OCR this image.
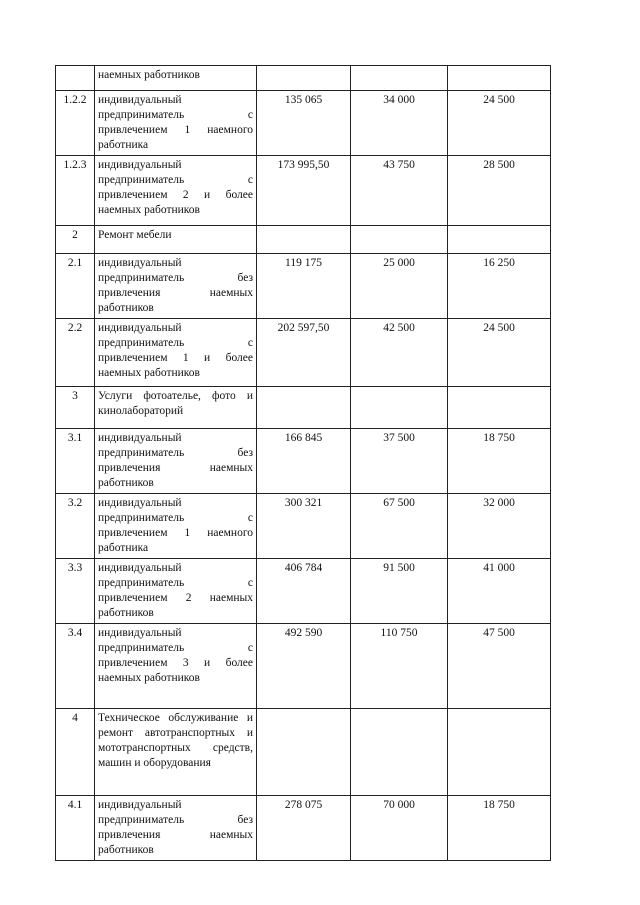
	наемных работников			
1.2.2	индивидуальный предприниматель с привлечением 1 наемного работника	135 065	34 000	24 500
1.2.3	индивидуальный предприниматель с привлечением 2 и более наемных работников	173 995,50	43 750	28 500
2	Ремонт мебели			
2.1	индивидуальный предприниматель без привлечения наемных работников	119 175	25 000	16 250
2.2	индивидуальный предприниматель с привлечением 1 и более наемных работников	202 597,50	42 500	24 500
3	Услуги фотоателье, фото и кинолабораторий			
3.1	индивидуальный предприниматель без привлечения наемных работников	166 845	37 500	18 750
3.2	индивидуальный предприниматель с привлечением 1 наемного работника	300 321	67 500	32 000
3.3	индивидуальный предприниматель с привлечением 2 наемных работников	406 784	91 500	41 000
3.4	индивидуальный предприниматель с привлечением 3 и более наемных работников	492 590	110 750	47 500
4	Техническое обслуживание и ремонт автотранспортных и мототранспортных средств, машин и оборудования			
4.1	индивидуальный предприниматель без привлечения наемных работников	278 075	70 000	18 750
